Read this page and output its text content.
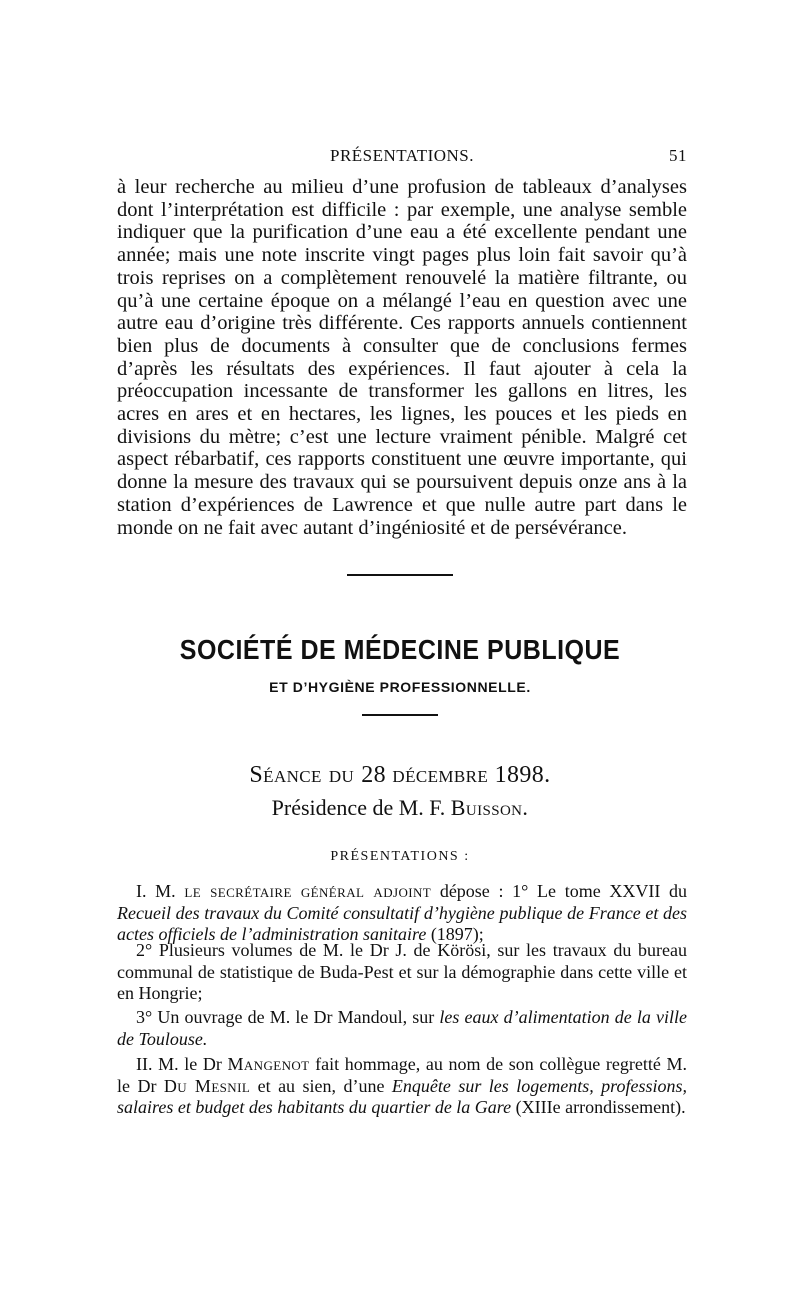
PRÉSENTATIONS.	51

à leur recherche au milieu d’une profusion de tableaux d’analyses dont l’interprétation est difficile : par exemple, une analyse semble indiquer que la purification d’une eau a été excellente pendant une année; mais une note inscrite vingt pages plus loin fait savoir qu’à trois reprises on a complètement renouvelé la matière filtrante, ou qu’à une certaine époque on a mélangé l’eau en question avec une autre eau d’origine très différente. Ces rapports annuels contiennent bien plus de documents à consulter que de conclusions fermes d’après les résultats des expériences. Il faut ajouter à cela la préoccupation incessante de transformer les gallons en litres, les acres en ares et en hectares, les lignes, les pouces et les pieds en divisions du mètre; c’est une lecture vraiment pénible. Malgré cet aspect rébarbatif, ces rapports constituent une œuvre importante, qui donne la mesure des travaux qui se poursuivent depuis onze ans à la station d’expériences de Lawrence et que nulle autre part dans le monde on ne fait avec autant d’ingéniosité et de persévérance.

SOCIÉTÉ DE MÉDECINE PUBLIQUE
ET D’HYGIÈNE PROFESSIONNELLE.
Séance du 28 décembre 1898.
Présidence de M. F. Buisson.
PRÉSENTATIONS :

I. M. le secrétaire général adjoint dépose : 1° Le tome XXVII du Recueil des travaux du Comité consultatif d’hygiène publique de France et des actes officiels de l’administration sanitaire (1897);

2° Plusieurs volumes de M. le Dr J. de Körösi, sur les travaux du bureau communal de statistique de Buda-Pest et sur la démographie dans cette ville et en Hongrie;

3° Un ouvrage de M. le Dr Mandoul, sur les eaux d’alimentation de la ville de Toulouse.

II. M. le Dr Mangenot fait hommage, au nom de son collègue regretté M. le Dr Du Mesnil et au sien, d’une Enquête sur les logements, professions, salaires et budget des habitants du quartier de la Gare (XIIIe arrondissement).
